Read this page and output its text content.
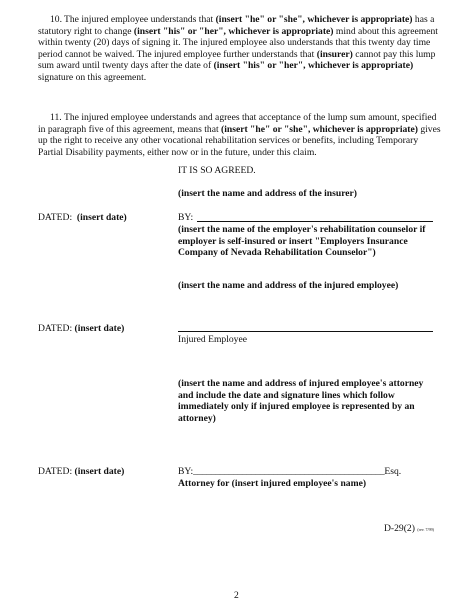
10. The injured employee understands that (insert "he" or "she", whichever is appropriate) has a statutory right to change (insert "his" or "her", whichever is appropriate) mind about this agreement within twenty (20) days of signing it. The injured employee also understands that this twenty day time period cannot be waived. The injured employee further understands that (insurer) cannot pay this lump sum award until twenty days after the date of (insert "his" or "her", whichever is appropriate) signature on this agreement.
11. The injured employee understands and agrees that acceptance of the lump sum amount, specified in paragraph five of this agreement, means that (insert "he" or "she", whichever is appropriate) gives up the right to receive any other vocational rehabilitation services or benefits, including Temporary Partial Disability payments, either now or in the future, under this claim.
IT IS SO AGREED.
(insert the name and address of the insurer)
DATED: (insert date)	BY:
(insert the name of the employer's rehabilitation counselor if employer is self-insured or insert "Employers Insurance Company of Nevada Rehabilitation Counselor")
(insert the name and address of the injured employee)
DATED: (insert date)
Injured Employee
(insert the name and address of injured employee's attorney and include the date and signature lines which follow immediately only if injured employee is represented by an attorney)
DATED: (insert date)	BY:___________________________________________Esq.
Attorney for (insert injured employee's name)
D-29(2) (rev. 7/99)
2
